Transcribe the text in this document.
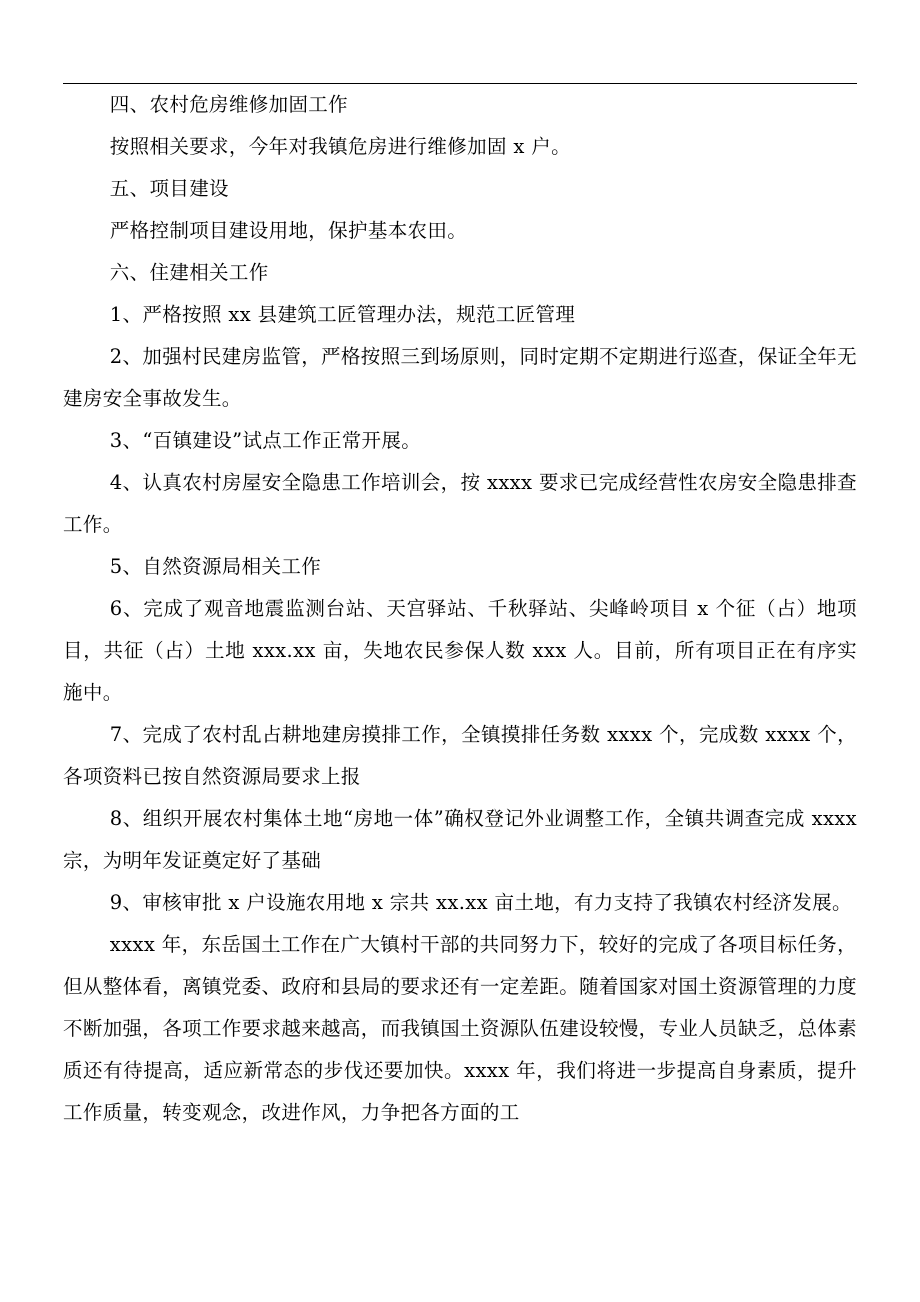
四、农村危房维修加固工作

按照相关要求，今年对我镇危房进行维修加固 x 户。

五、项目建设

严格控制项目建设用地，保护基本农田。

六、住建相关工作

1、严格按照 xx 县建筑工匠管理办法，规范工匠管理

2、加强村民建房监管，严格按照三到场原则，同时定期不定期进行巡查，保证全年无建房安全事故发生。

3、“百镇建设”试点工作正常开展。

4、认真农村房屋安全隐患工作培训会，按 xxxx 要求已完成经营性农房安全隐患排查工作。

5、自然资源局相关工作

6、完成了观音地震监测台站、天宫驿站、千秋驿站、尖峰岭项目 x 个征（占）地项目，共征（占）土地 xxx.xx 亩，失地农民参保人数 xxx 人。目前，所有项目正在有序实施中。

7、完成了农村乱占耕地建房摸排工作，全镇摸排任务数 xxxx 个，完成数 xxxx 个，各项资料已按自然资源局要求上报

8、组织开展农村集体土地“房地一体”确权登记外业调整工作，全镇共调查完成 xxxx 宗，为明年发证奠定好了基础

9、审核审批 x 户设施农用地 x 宗共 xx.xx 亩土地，有力支持了我镇农村经济发展。

xxxx 年，东岳国土工作在广大镇村干部的共同努力下，较好的完成了各项目标任务，但从整体看，离镇党委、政府和县局的要求还有一定差距。随着国家对国土资源管理的力度不断加强，各项工作要求越来越高，而我镇国土资源队伍建设较慢，专业人员缺乏，总体素质还有待提高，适应新常态的步伐还要加快。xxxx 年，我们将进一步提高自身素质，提升工作质量，转变观念，改进作风，力争把各方面的工
